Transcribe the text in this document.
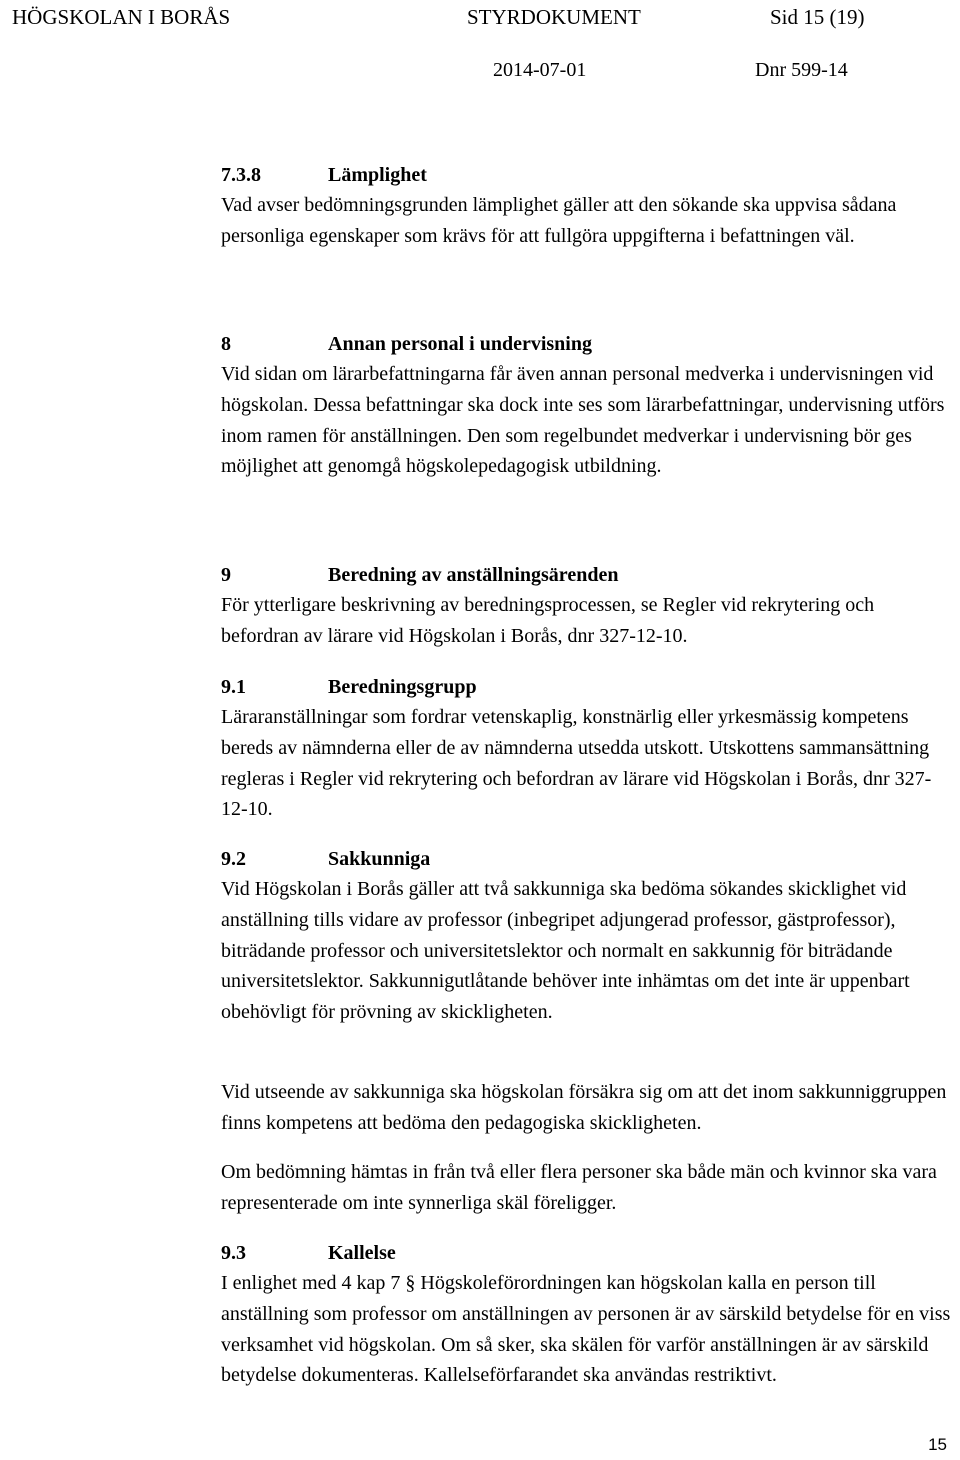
HÖGSKOLAN I BORÅS	STYRDOKUMENT	Sid 15 (19)
2014-07-01	Dnr 599-14
7.3.8	Lämplighet
Vad avser bedömningsgrunden lämplighet gäller att den sökande ska uppvisa sådana personliga egenskaper som krävs för att fullgöra uppgifterna i befattningen väl.
8	Annan personal i undervisning
Vid sidan om lärarbefattningarna får även annan personal medverka i undervisningen vid högskolan. Dessa befattningar ska dock inte ses som lärarbefattningar, undervisning utförs inom ramen för anställningen. Den som regelbundet medverkar i undervisning bör ges möjlighet att genomgå högskolepedagogisk utbildning.
9	Beredning av anställningsärenden
För ytterligare beskrivning av beredningsprocessen, se Regler vid rekrytering och befordran av lärare vid Högskolan i Borås, dnr 327-12-10.
9.1	Beredningsgrupp
Läraranställningar som fordrar vetenskaplig, konstnärlig eller yrkesmässig kompetens bereds av nämnderna eller de av nämnderna utsedda utskott. Utskottens sammansättning regleras i Regler vid rekrytering och befordran av lärare vid Högskolan i Borås, dnr 327-12-10.
9.2	Sakkunniga
Vid Högskolan i Borås gäller att två sakkunniga ska bedöma sökandes skicklighet vid anställning tills vidare av professor (inbegripet adjungerad professor, gästprofessor), biträdande professor och universitetslektor och normalt en sakkunnig för biträdande universitetslektor. Sakkunnigutlåtande behöver inte inhämtas om det inte är uppenbart obehövligt för prövning av skickligheten.
Vid utseende av sakkunniga ska högskolan försäkra sig om att det inom sakkunniggruppen finns kompetens att bedöma den pedagogiska skickligheten.
Om bedömning hämtas in från två eller flera personer ska både män och kvinnor ska vara representerade om inte synnerliga skäl föreligger.
9.3	Kallelse
I enlighet med 4 kap 7 § Högskoleförordningen kan högskolan kalla en person till anställning som professor om anställningen av personen är av särskild betydelse för en viss verksamhet vid högskolan. Om så sker, ska skälen för varför anställningen är av särskild betydelse dokumenteras. Kallelseförfarandet ska användas restriktivt.
15
